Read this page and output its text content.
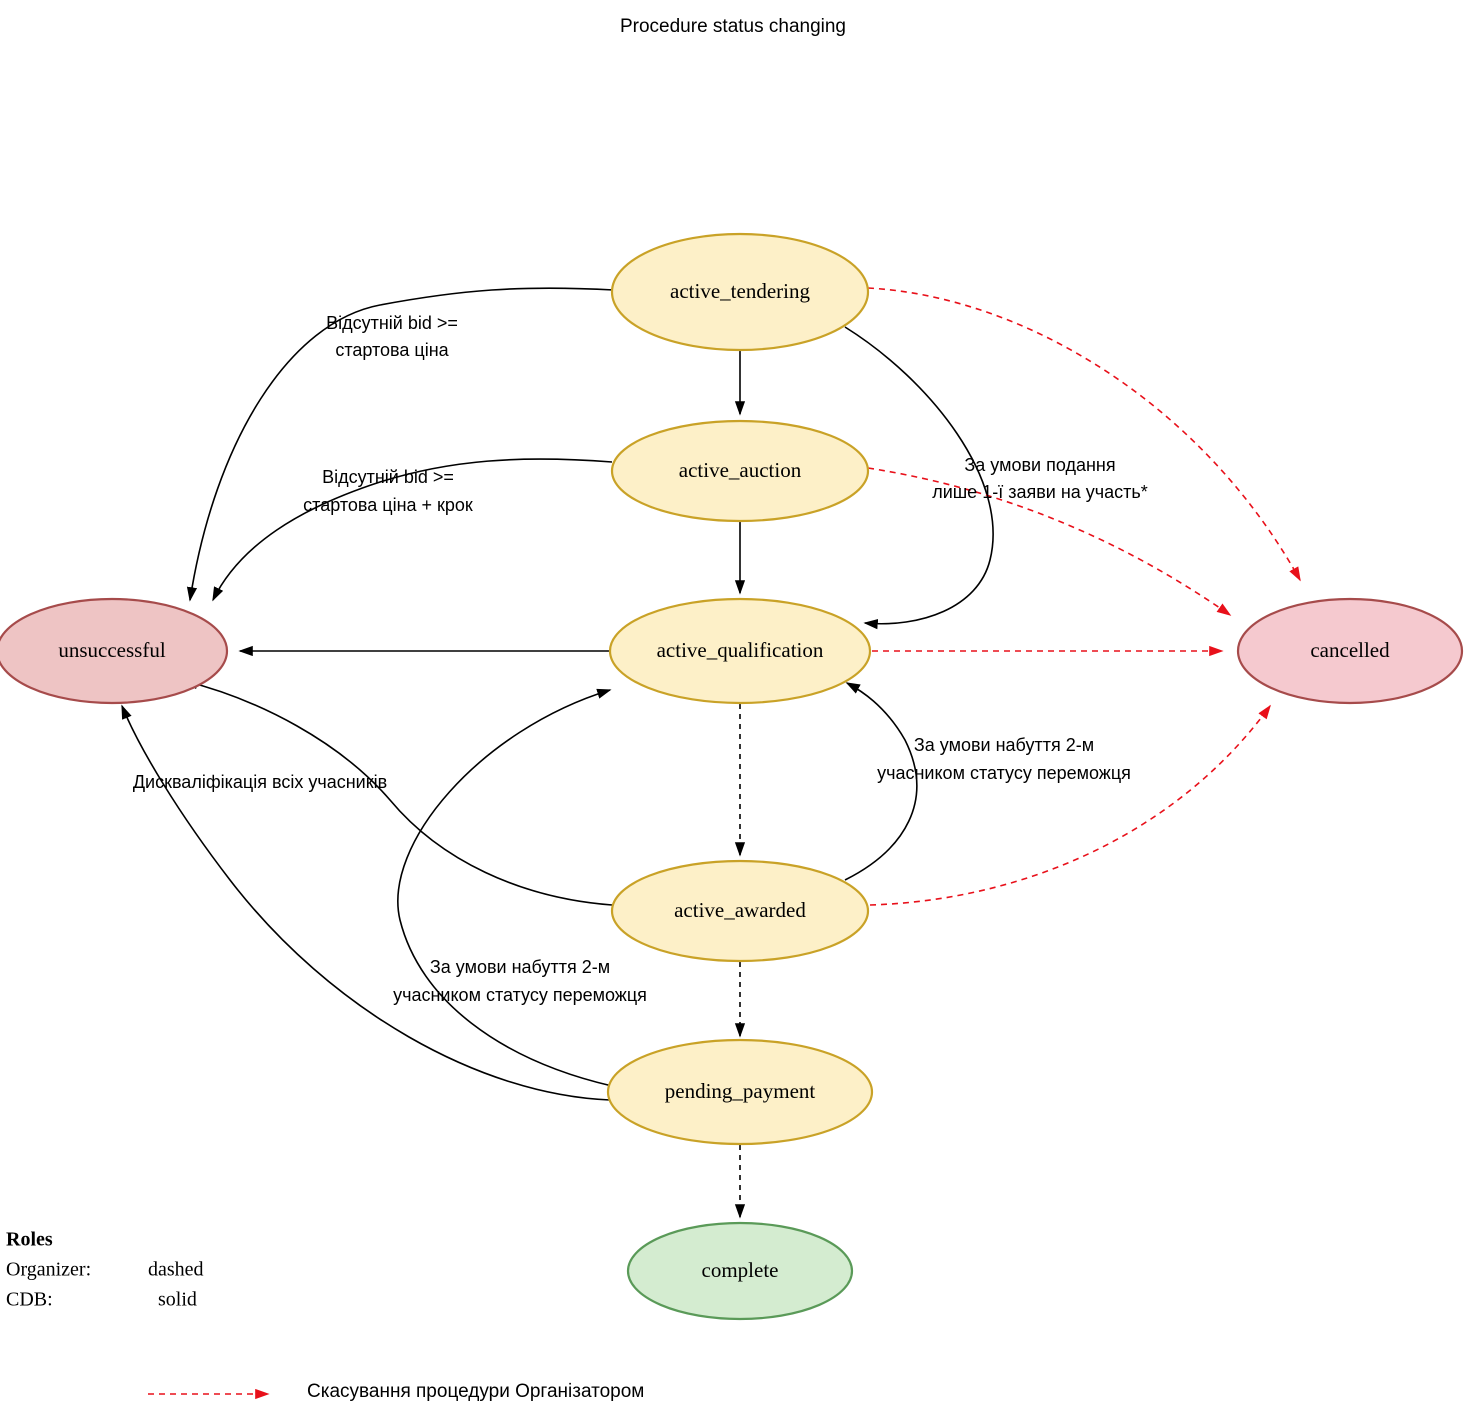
Procedure status changing
Відсутній bid >=
стартова ціна
Відсутній bid >=
стартова ціна + крок
За умови подання
лише 1-ї заяви на участь*
За умови набуття 2-м
учасником статусу переможця
Дискваліфікація всіх учасників
За умови набуття 2-м
учасником статусу переможця
active_tendering
active_auction
active_qualification
active_awarded
pending_payment
complete
unsuccessful	cancelled
Roles
Organizer:	dashed
CDB:	solid
Скасування процедури Організатором
